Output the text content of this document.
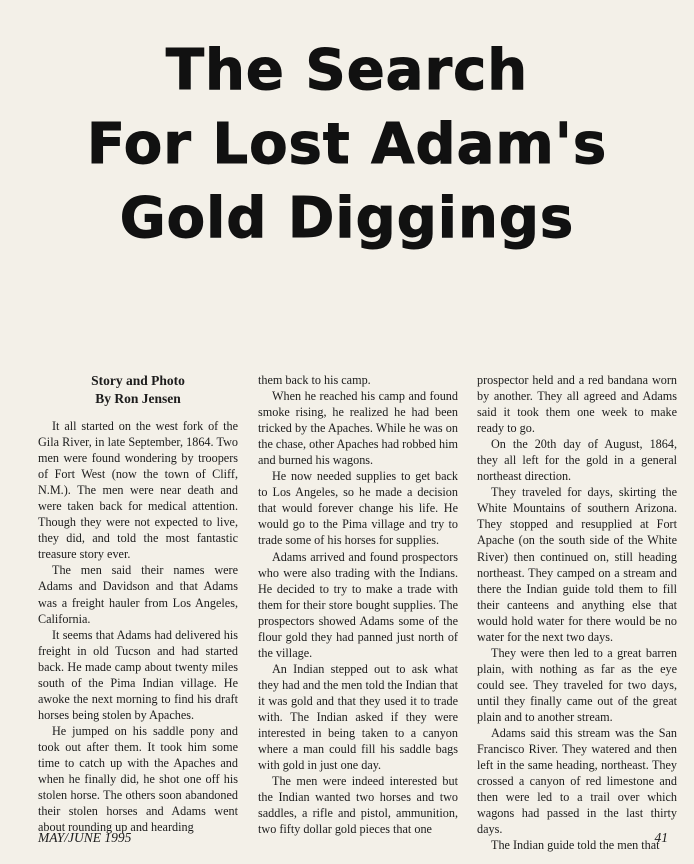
The Search
For Lost Adam's
Gold Diggings
Story and Photo
By Ron Jensen

It all started on the west fork of the Gila River, in late September, 1864. Two men were found wondering by troopers of Fort West (now the town of Cliff, N.M.). The men were near death and were taken back for medical attention. Though they were not expected to live, they did, and told the most fantastic treasure story ever.

The men said their names were Adams and Davidson and that Adams was a freight hauler from Los Angeles, California.

It seems that Adams had delivered his freight in old Tucson and had started back. He made camp about twenty miles south of the Pima Indian village. He awoke the next morning to find his draft horses being stolen by Apaches.

He jumped on his saddle pony and took out after them. It took him some time to catch up with the Apaches and when he finally did, he shot one off his stolen horse. The others soon abandoned their stolen horses and Adams went about rounding up and hearding

them back to his camp.

When he reached his camp and found smoke rising, he realized he had been tricked by the Apaches. While he was on the chase, other Apaches had robbed him and burned his wagons.

He now needed supplies to get back to Los Angeles, so he made a decision that would forever change his life. He would go to the Pima village and try to trade some of his horses for supplies.

Adams arrived and found prospectors who were also trading with the Indians. He decided to try to make a trade with them for their store bought supplies. The prospectors showed Adams some of the flour gold they had panned just north of the village.

An Indian stepped out to ask what they had and the men told the Indian that it was gold and that they used it to trade with. The Indian asked if they were interested in being taken to a canyon where a man could fill his saddle bags with gold in just one day.

The men were indeed interested but the Indian wanted two horses and two saddles, a rifle and pistol, ammunition, two fifty dollar gold pieces that one

prospector held and a red bandana worn by another. They all agreed and Adams said it took them one week to make ready to go.

On the 20th day of August, 1864, they all left for the gold in a general northeast direction.

They traveled for days, skirting the White Mountains of southern Arizona. They stopped and resupplied at Fort Apache (on the south side of the White River) then continued on, still heading northeast. They camped on a stream and there the Indian guide told them to fill their canteens and anything else that would hold water for there would be no water for the next two days.

They were then led to a great barren plain, with nothing as far as the eye could see. They traveled for two days, until they finally came out of the great plain and to another stream.

Adams said this stream was the San Francisco River. They watered and then left in the same heading, northeast. They crossed a canyon of red limestone and then were led to a trail over which wagons had passed in the last thirty days.

The Indian guide told the men that

MAY/JUNE 1995	41
